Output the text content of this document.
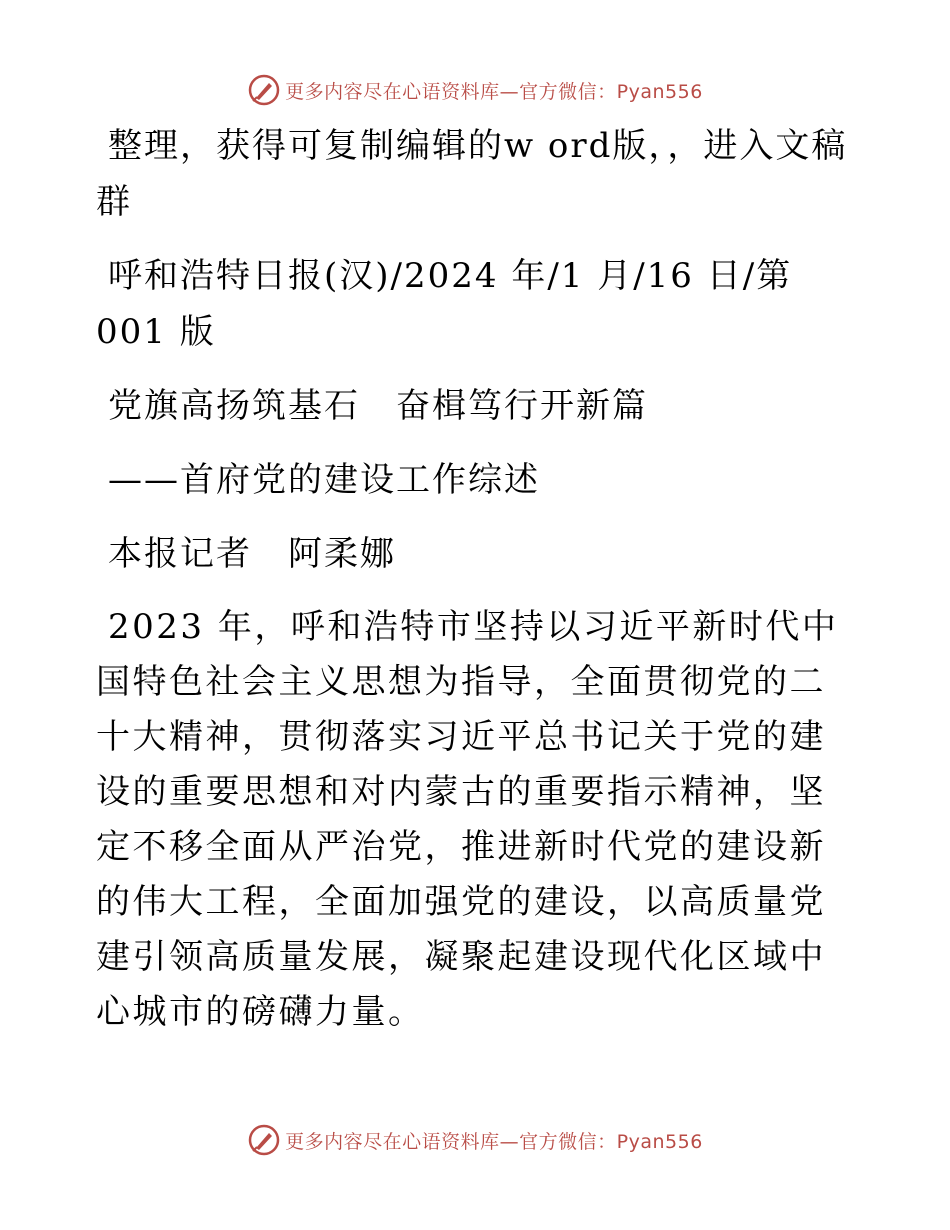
更多内容尽在心语资料库—官方微信：Pyan556

整理，获得可复制编辑的w ord版，，进入文稿群

呼和浩特日报(汉)/2024 年/1 月/16 日/第 001 版

党旗高扬筑基石　奋楫笃行开新篇

——首府党的建设工作综述

本报记者　阿柔娜

2023 年，呼和浩特市坚持以习近平新时代中国特色社会主义思想为指导，全面贯彻党的二十大精神，贯彻落实习近平总书记关于党的建设的重要思想和对内蒙古的重要指示精神，坚定不移全面从严治党，推进新时代党的建设新的伟大工程，全面加强党的建设，以高质量党建引领高质量发展，凝聚起建设现代化区域中心城市的磅礴力量。

更多内容尽在心语资料库—官方微信：Pyan556
